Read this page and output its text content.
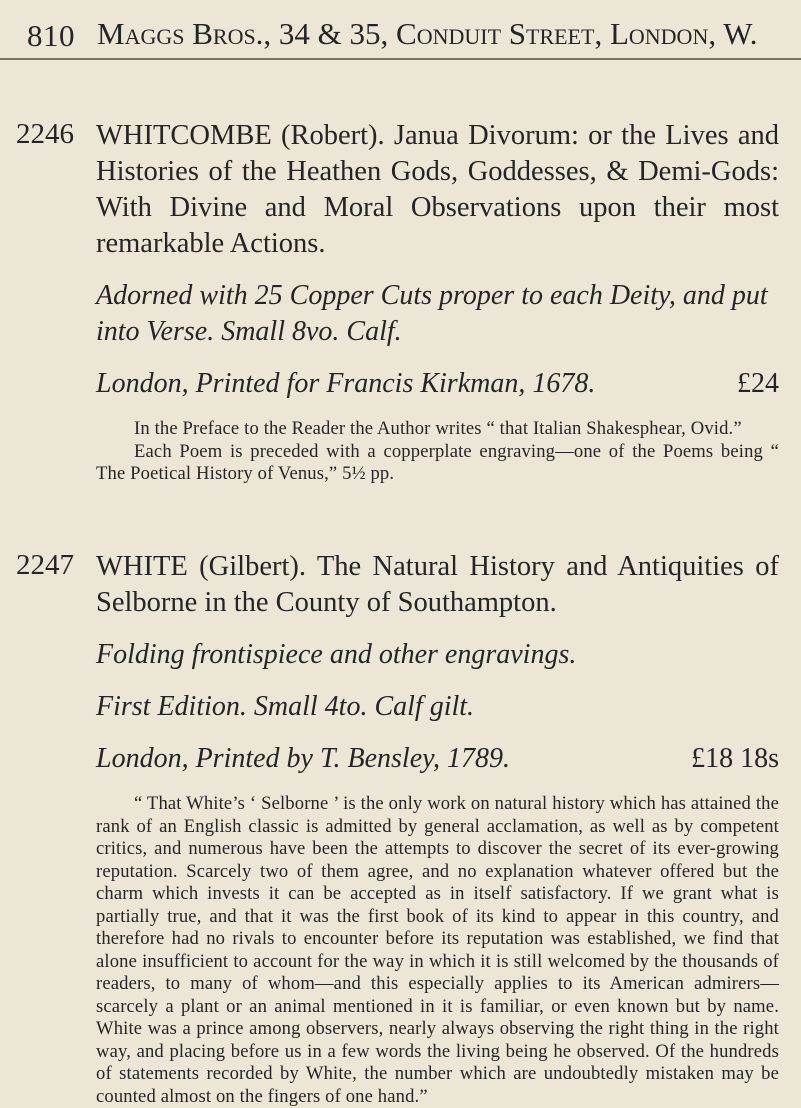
810 Maggs Bros., 34 & 35, Conduit Street, London, W.
2246 WHITCOMBE (Robert). Janua Divorum: or the Lives and Histories of the Heathen Gods, Goddesses, & Demi-Gods: With Divine and Moral Observations upon their most remarkable Actions.

Adorned with 25 Copper Cuts proper to each Deity, and put into Verse. Small 8vo. Calf.

London, Printed for Francis Kirkman, 1678.	£24

In the Preface to the Reader the Author writes “ that Italian Shakesphear, Ovid.”

Each Poem is preceded with a copperplate engraving—one of the Poems being “ The Poetical History of Venus,” 5½ pp.

2247 WHITE (Gilbert). The Natural History and Antiquities of Selborne in the County of Southampton.

Folding frontispiece and other engravings.

First Edition. Small 4to. Calf gilt.

London, Printed by T. Bensley, 1789.	£18 18s

“ That White’s ‘ Selborne ’ is the only work on natural history which has attained the rank of an English classic is admitted by general acclamation, as well as by competent critics, and numerous have been the attempts to discover the secret of its ever-growing reputation. Scarcely two of them agree, and no explanation whatever offered but the charm which invests it can be accepted as in itself satisfactory. If we grant what is partially true, and that it was the first book of its kind to appear in this country, and therefore had no rivals to encounter before its reputation was established, we find that alone insufficient to account for the way in which it is still welcomed by the thousands of readers, to many of whom—and this especially applies to its American admirers—scarcely a plant or an animal mentioned in it is familiar, or even known but by name. White was a prince among observers, nearly always observing the right thing in the right way, and placing before us in a few words the living being he observed. Of the hundreds of statements recorded by White, the number which are undoubtedly mistaken may be counted almost on the fingers of one hand.”
